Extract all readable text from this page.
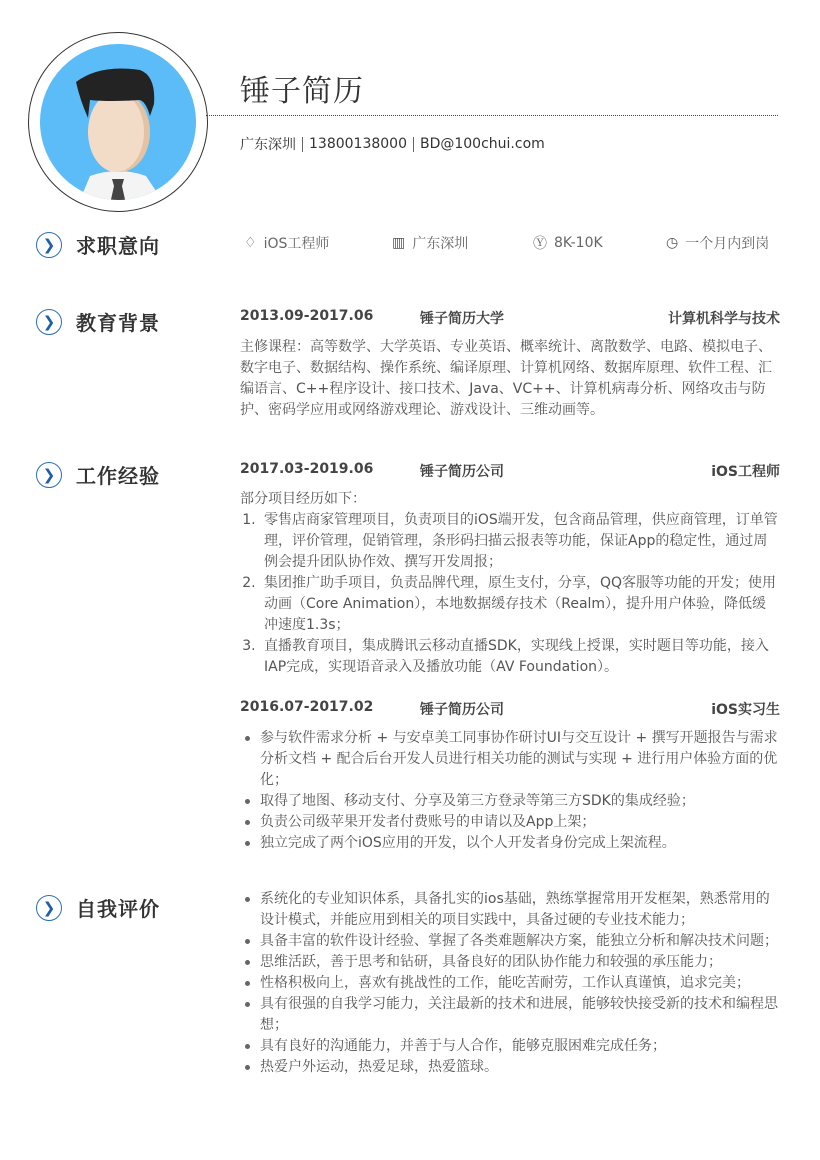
锤子简历
广东深圳 13800138000 BD@100chui.com
❯	求职意向	♢ iOS工程师	▥ 广东深圳	Ⓨ 8K-10K	◷ 一个月内到岗
❯	教育背景	2013.09-2017.06	锤子简历大学	计算机科学与技术
主修课程：高等数学、大学英语、专业英语、概率统计、离散数学、电路、模拟电子、数字电子、数据结构、操作系统、编译原理、计算机网络、数据库原理、软件工程、汇编语言、C++程序设计、接口技术、Java、VC++、计算机病毒分析、网络攻击与防护、密码学应用或网络游戏理论、游戏设计、三维动画等。
❯	工作经验	2017.03-2019.06	锤子简历公司	iOS工程师
部分项目经历如下：
1. 零售店商家管理项目，负责项目的iOS端开发，包含商品管理，供应商管理，订单管理，评价管理，促销管理，条形码扫描云报表等功能，保证App的稳定性，通过周例会提升团队协作效、撰写开发周报；
2. 集团推广助手项目，负责品牌代理，原生支付，分享，QQ客服等功能的开发；使用动画（Core Animation），本地数据缓存技术（Realm），提升用户体验，降低缓冲速度1.3s；
3. 直播教育项目，集成腾讯云移动直播SDK，实现线上授课，实时题目等功能，接入IAP完成，实现语音录入及播放功能（AV Foundation）。
2016.07-2017.02	锤子简历公司	iOS实习生
参与软件需求分析 + 与安卓美工同事协作研讨UI与交互设计 + 撰写开题报告与需求分析文档 + 配合后台开发人员进行相关功能的测试与实现 + 进行用户体验方面的优化；
取得了地图、移动支付、分享及第三方登录等第三方SDK的集成经验；
负责公司级苹果开发者付费账号的申请以及App上架；
独立完成了两个iOS应用的开发，以个人开发者身份完成上架流程。
❯	自我评价	系统化的专业知识体系，具备扎实的ios基础，熟练掌握常用开发框架，熟悉常用的设计模式，并能应用到相关的项目实践中，具备过硬的专业技术能力；
具备丰富的软件设计经验、掌握了各类难题解决方案，能独立分析和解决技术问题；
思维活跃，善于思考和钻研，具备良好的团队协作能力和较强的承压能力；
性格积极向上，喜欢有挑战性的工作，能吃苦耐劳，工作认真谨慎，追求完美；
具有很强的自我学习能力，关注最新的技术和进展，能够较快接受新的技术和编程思想；
具有良好的沟通能力，并善于与人合作，能够克服困难完成任务；
热爱户外运动，热爱足球，热爱篮球。
